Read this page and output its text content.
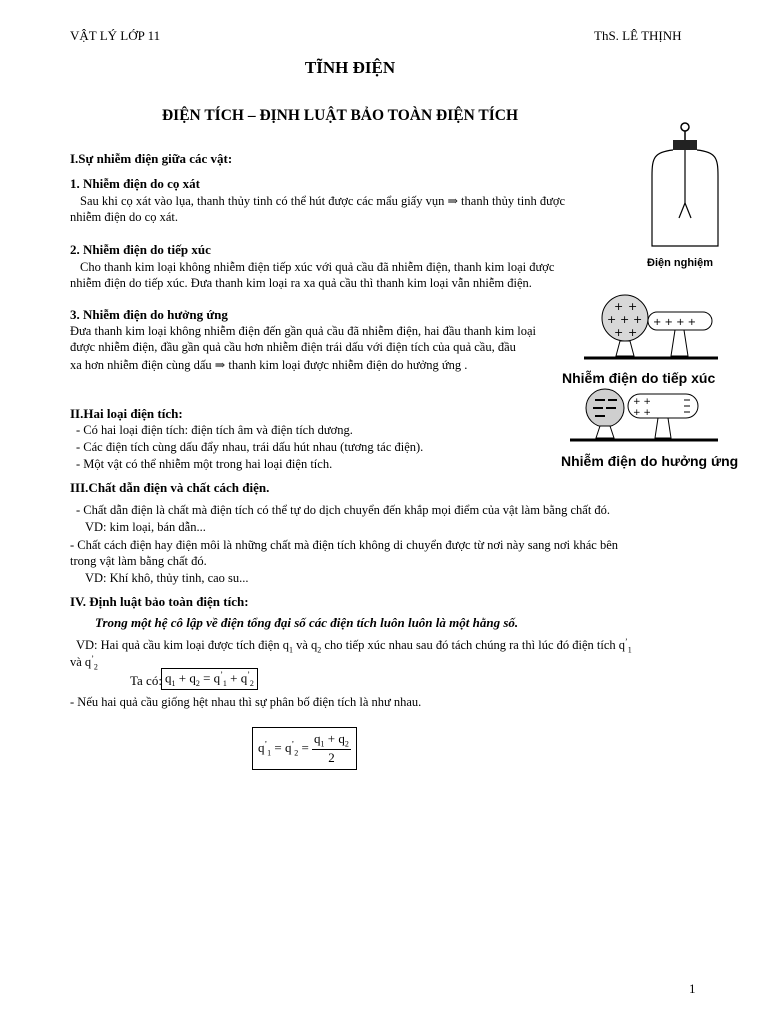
VẬT LÝ LỚP 11	ThS. LÊ THỊNH
TĨNH ĐIỆN
ĐIỆN TÍCH – ĐỊNH LUẬT BẢO TOÀN ĐIỆN TÍCH
I.Sự nhiễm điện giữa các vật:
1. Nhiễm điện do cọ xát
Sau khi cọ xát vào lụa, thanh thủy tinh có thể hút được các mẩu giấy vụn ⇒ thanh thủy tinh được
nhiễm điện do cọ xát.
2. Nhiễm điện do tiếp xúc
Cho thanh kim loại không nhiễm điện tiếp xúc với quả cầu đã nhiễm điện, thanh kim loại được
nhiễm điện do tiếp xúc. Đưa thanh kim loại ra xa quả cầu thì thanh kim loại vẫn nhiễm điện.
3. Nhiễm điện do hưởng ứng
Đưa thanh kim loại không nhiễm điện đến gần quả cầu đã nhiễm điện, hai đầu thanh kim loại
được nhiễm điện, đầu gần quả cầu hơn nhiễm điện trái dấu với điện tích của quả cầu, đầu
xa hơn nhiễm điện cùng dấu ⇒ thanh kim loại được nhiễm điện do hưởng ứng .
II.Hai loại điện tích:
- Có hai loại điện tích: điện tích âm và điện tích dương.
- Các điện tích cùng dấu đẩy nhau, trái dấu hút nhau (tương tác điện).
- Một vật có thể nhiễm một trong hai loại điện tích.
III.Chất dẫn điện và chất cách điện.
- Chất dẫn điện là chất mà điện tích có thể tự do dịch chuyển đến khắp mọi điểm của vật làm bằng chất đó.
VD: kim loại, bán dẫn...
- Chất cách điện hay điện môi là những chất mà điện tích không di chuyển được từ nơi này sang nơi khác bên
trong vật làm bằng chất đó.
VD: Khí khô, thủy tinh, cao su...
IV. Định luật bảo toàn điện tích:
Trong một hệ cô lập về điện tổng đại số các điện tích luôn luôn là một hằng số.
VD: Hai quả cầu kim loại được tích điện $q_1$ và $q_2$ cho tiếp xúc nhau sau đó tách chúng ra thì lúc đó điện tích $q^’_1$
và $q^’_2$
Ta có: $q_1 + q_2 = q^’_1 + q^’_2$
- Nếu hai quả cầu giống hệt nhau thì sự phân bố điện tích là như nhau.
$q^’_1 = q^’_2 = \frac{q_1 + q_2}{2}$
Điện nghiệm
+ +
+ + +
+ +
+ + + +
Nhiễm điện do tiếp xúc
+ +
+ +
Nhiễm điện do hưởng ứng
1
